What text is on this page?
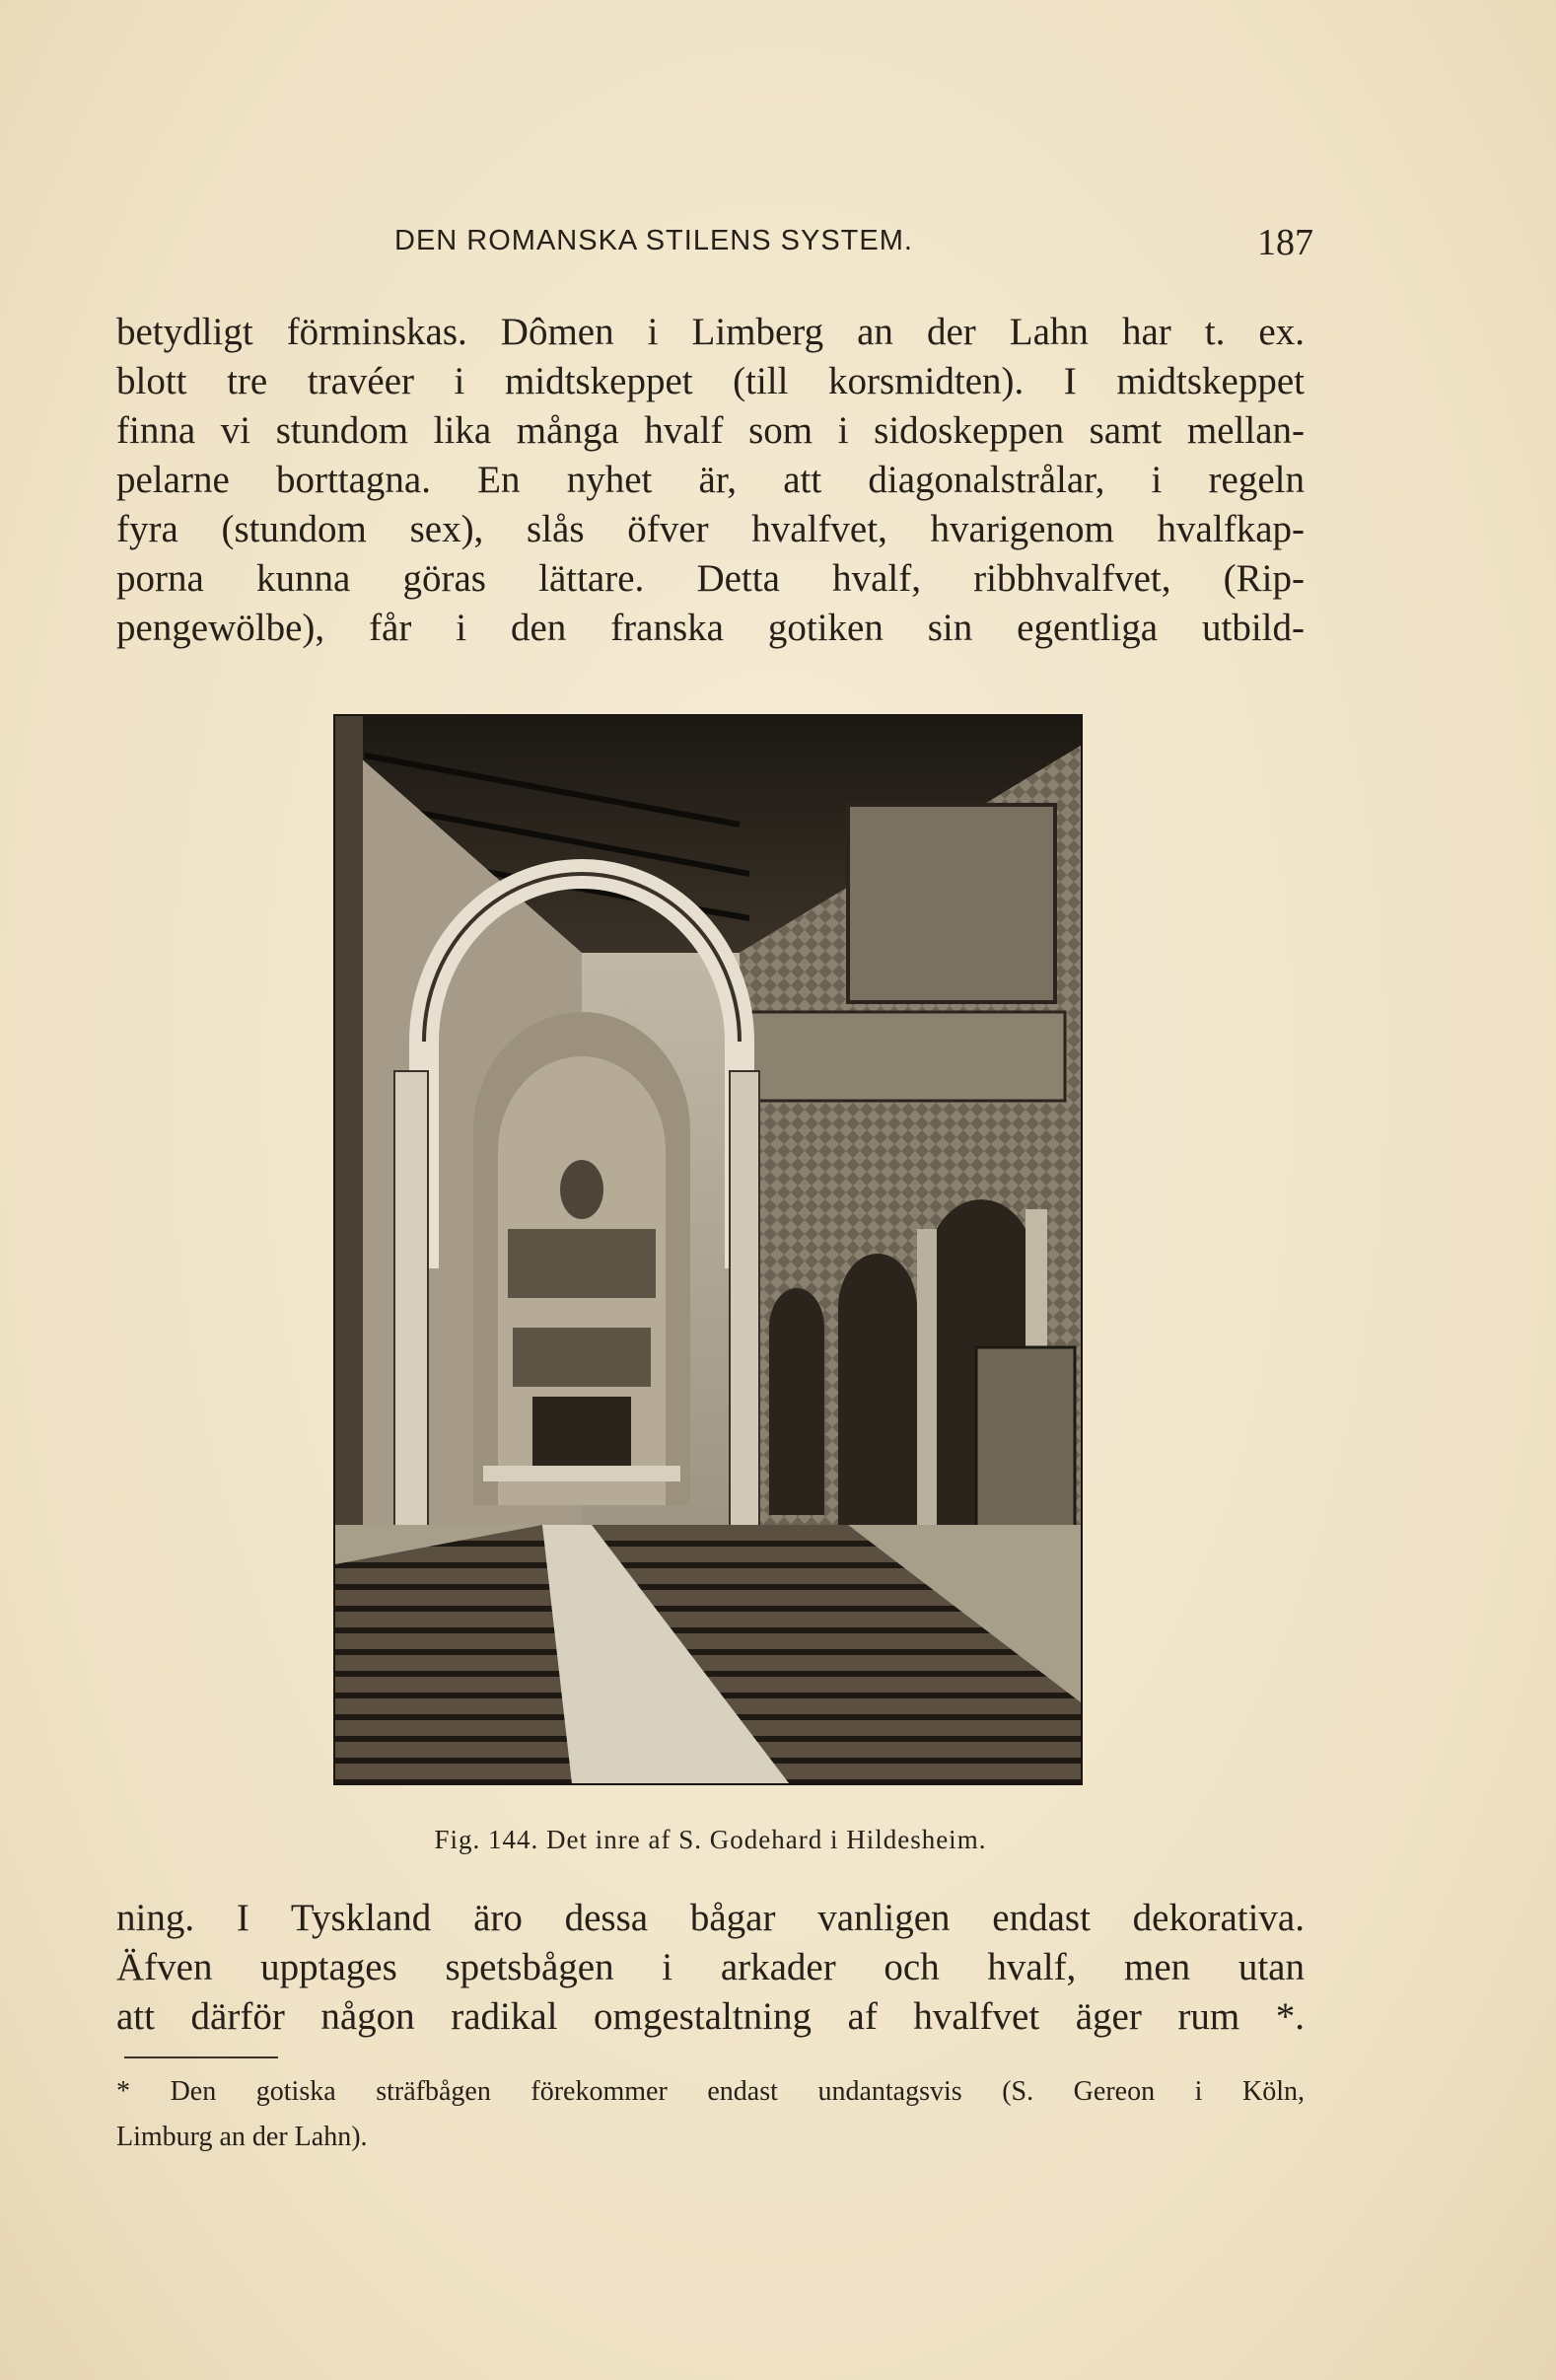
DEN ROMANSKA STILENS SYSTEM.	187
betydligt förminskas. Dômen i Limberg an der Lahn har t. ex.
blott tre travéer i midtskeppet (till korsmidten). I midtskeppet
finna vi stundom lika många hvalf som i sidoskeppen samt mellan-
pelarne borttagna. En nyhet är, att diagonalstrålar, i regeln
fyra (stundom sex), slås öfver hvalfvet, hvarigenom hvalfkap-
porna kunna göras lättare. Detta hvalf, ribbhvalfvet, (Rip-
pengewölbe), får i den franska gotiken sin egentliga utbild-
Fig. 144. Det inre af S. Godehard i Hildesheim.
ning. I Tyskland äro dessa bågar vanligen endast dekorativa.
Äfven upptages spetsbågen i arkader och hvalf, men utan
att därför någon radikal omgestaltning af hvalfvet äger rum *.
* Den gotiska sträfbågen förekommer endast undantagsvis (S. Gereon i Köln,
Limburg an der Lahn).
